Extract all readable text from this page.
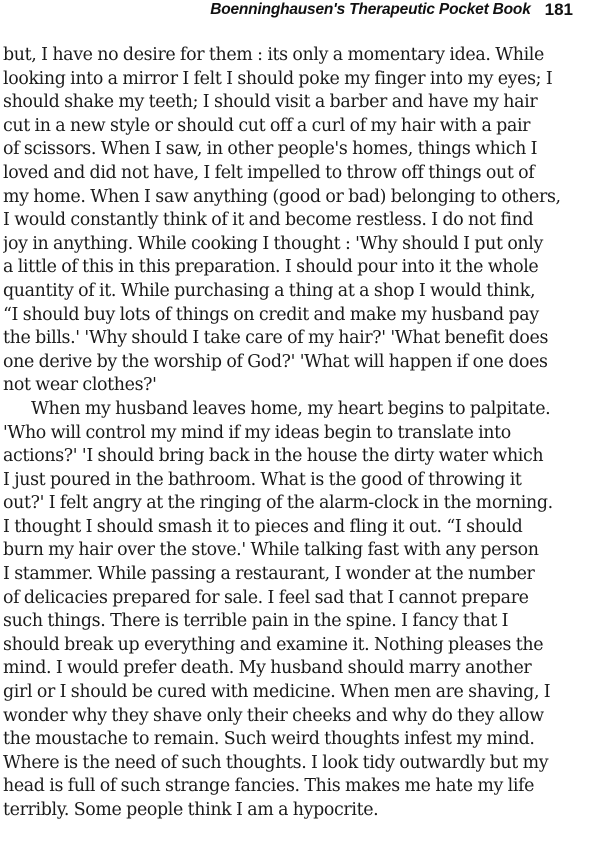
Boenninghausen's Therapeutic Pocket Book 181
but, I have no desire for them : its only a momentary idea. While
looking into a mirror I felt I should poke my finger into my eyes; I
should shake my teeth; I should visit a barber and have my hair
cut in a new style or should cut off a curl of my hair with a pair
of scissors. When I saw, in other people's homes, things which I
loved and did not have, I felt impelled to throw off things out of
my home. When I saw anything (good or bad) belonging to others,
I would constantly think of it and become restless. I do not find
joy in anything. While cooking I thought : 'Why should I put only
a little of this in this preparation. I should pour into it the whole
quantity of it. While purchasing a thing at a shop I would think,
“I should buy lots of things on credit and make my husband pay
the bills.' 'Why should I take care of my hair?' 'What benefit does
one derive by the worship of God?' 'What will happen if one does
not wear clothes?'
When my husband leaves home, my heart begins to palpitate.
'Who will control my mind if my ideas begin to translate into
actions?' 'I should bring back in the house the dirty water which
I just poured in the bathroom. What is the good of throwing it
out?' I felt angry at the ringing of the alarm-clock in the morning.
I thought I should smash it to pieces and fling it out. “I should
burn my hair over the stove.' While talking fast with any person
I stammer. While passing a restaurant, I wonder at the number
of delicacies prepared for sale. I feel sad that I cannot prepare
such things. There is terrible pain in the spine. I fancy that I
should break up everything and examine it. Nothing pleases the
mind. I would prefer death. My husband should marry another
girl or I should be cured with medicine. When men are shaving, I
wonder why they shave only their cheeks and why do they allow
the moustache to remain. Such weird thoughts infest my mind.
Where is the need of such thoughts. I look tidy outwardly but my
head is full of such strange fancies. This makes me hate my life
terribly. Some people think I am a hypocrite.
